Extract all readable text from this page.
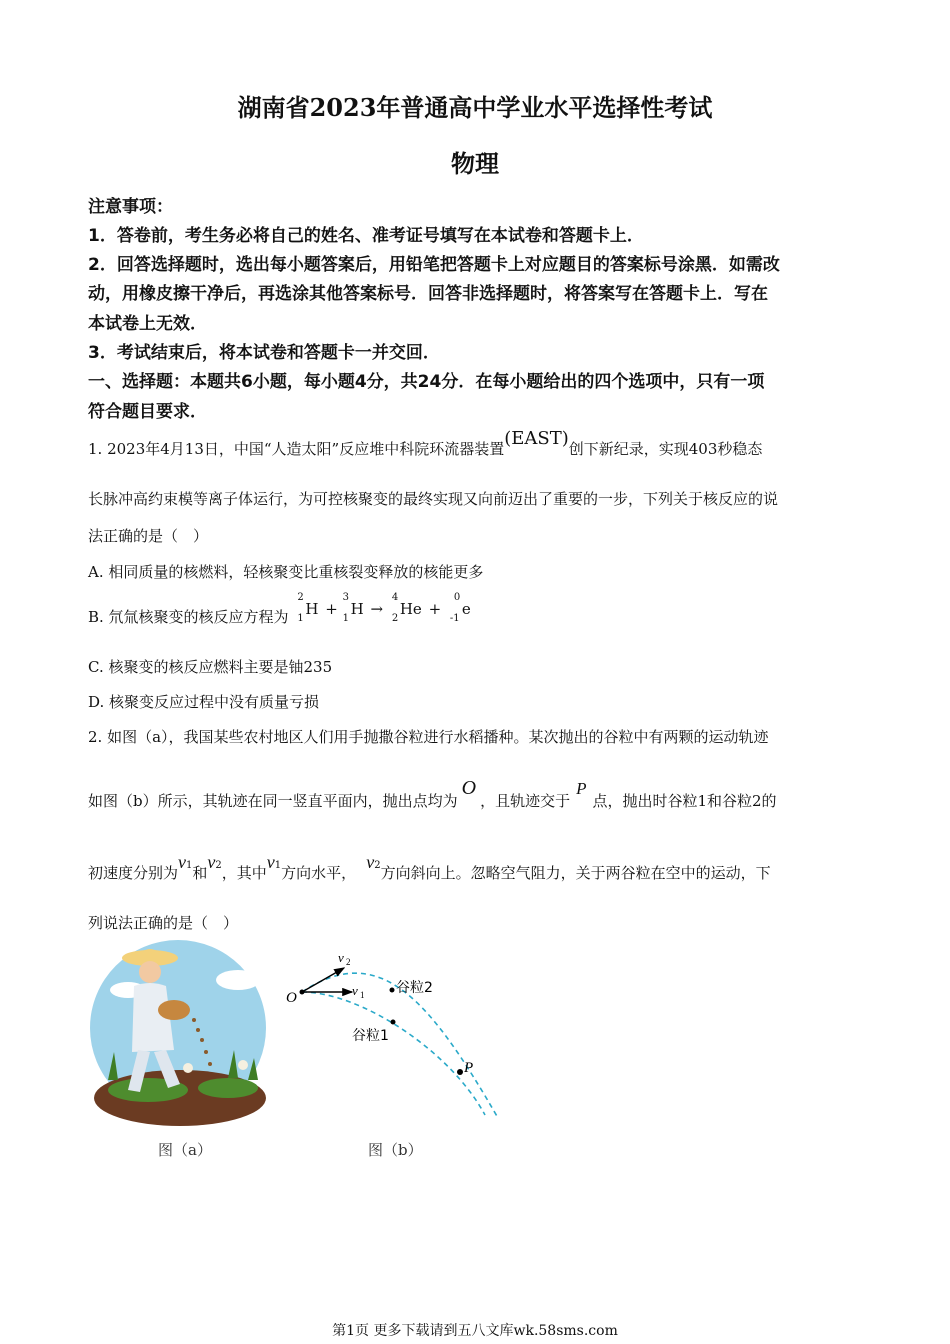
湖南省2023年普通高中学业水平选择性考试
物理
注意事项：
1．答卷前，考生务必将自己的姓名、准考证号填写在本试卷和答题卡上．
2．回答选择题时，选出每小题答案后，用铅笔把答题卡上对应题目的答案标号涂黑．如需改
动，用橡皮擦干净后，再选涂其他答案标号．回答非选择题时，将答案写在答题卡上．写在
本试卷上无效．
3．考试结束后，将本试卷和答题卡一并交回．
一、选择题：本题共6小题，每小题4分，共24分．在每小题给出的四个选项中，只有一项
符合题目要求．
1. 2023年4月13日，中国“人造太阳”反应堆中科院环流器装置(EAST)创下新纪录，实现403秒稳态
长脉冲高约束模等离子体运行，为可控核聚变的最终实现又向前迈出了重要的一步，下列关于核反应的说
法正确的是（　）
A. 相同质量的核燃料，轻核聚变比重核裂变释放的核能更多
B. 氘氚核聚变的核反应方程为
2
1
H +
3
1
H →
4
2
He +
0
-1
e
C. 核聚变的核反应燃料主要是铀235
D. 核聚变反应过程中没有质量亏损
2. 如图（a），我国某些农村地区人们用手抛撒谷粒进行水稻播种。某次抛出的谷粒中有两颗的运动轨迹
如图（b）所示，其轨迹在同一竖直平面内，抛出点均为O，且轨迹交于P点，抛出时谷粒1和谷粒2的
初速度分别为v1和v2，其中v1方向水平，v2方向斜向上。忽略空气阻力，关于两谷粒在空中的运动，下
列说法正确的是（　）
O
P
v 1
v 2
谷粒2
谷粒1
图（a）	图（b）
第1页 更多下载请到五八文库wk.58sms.com
